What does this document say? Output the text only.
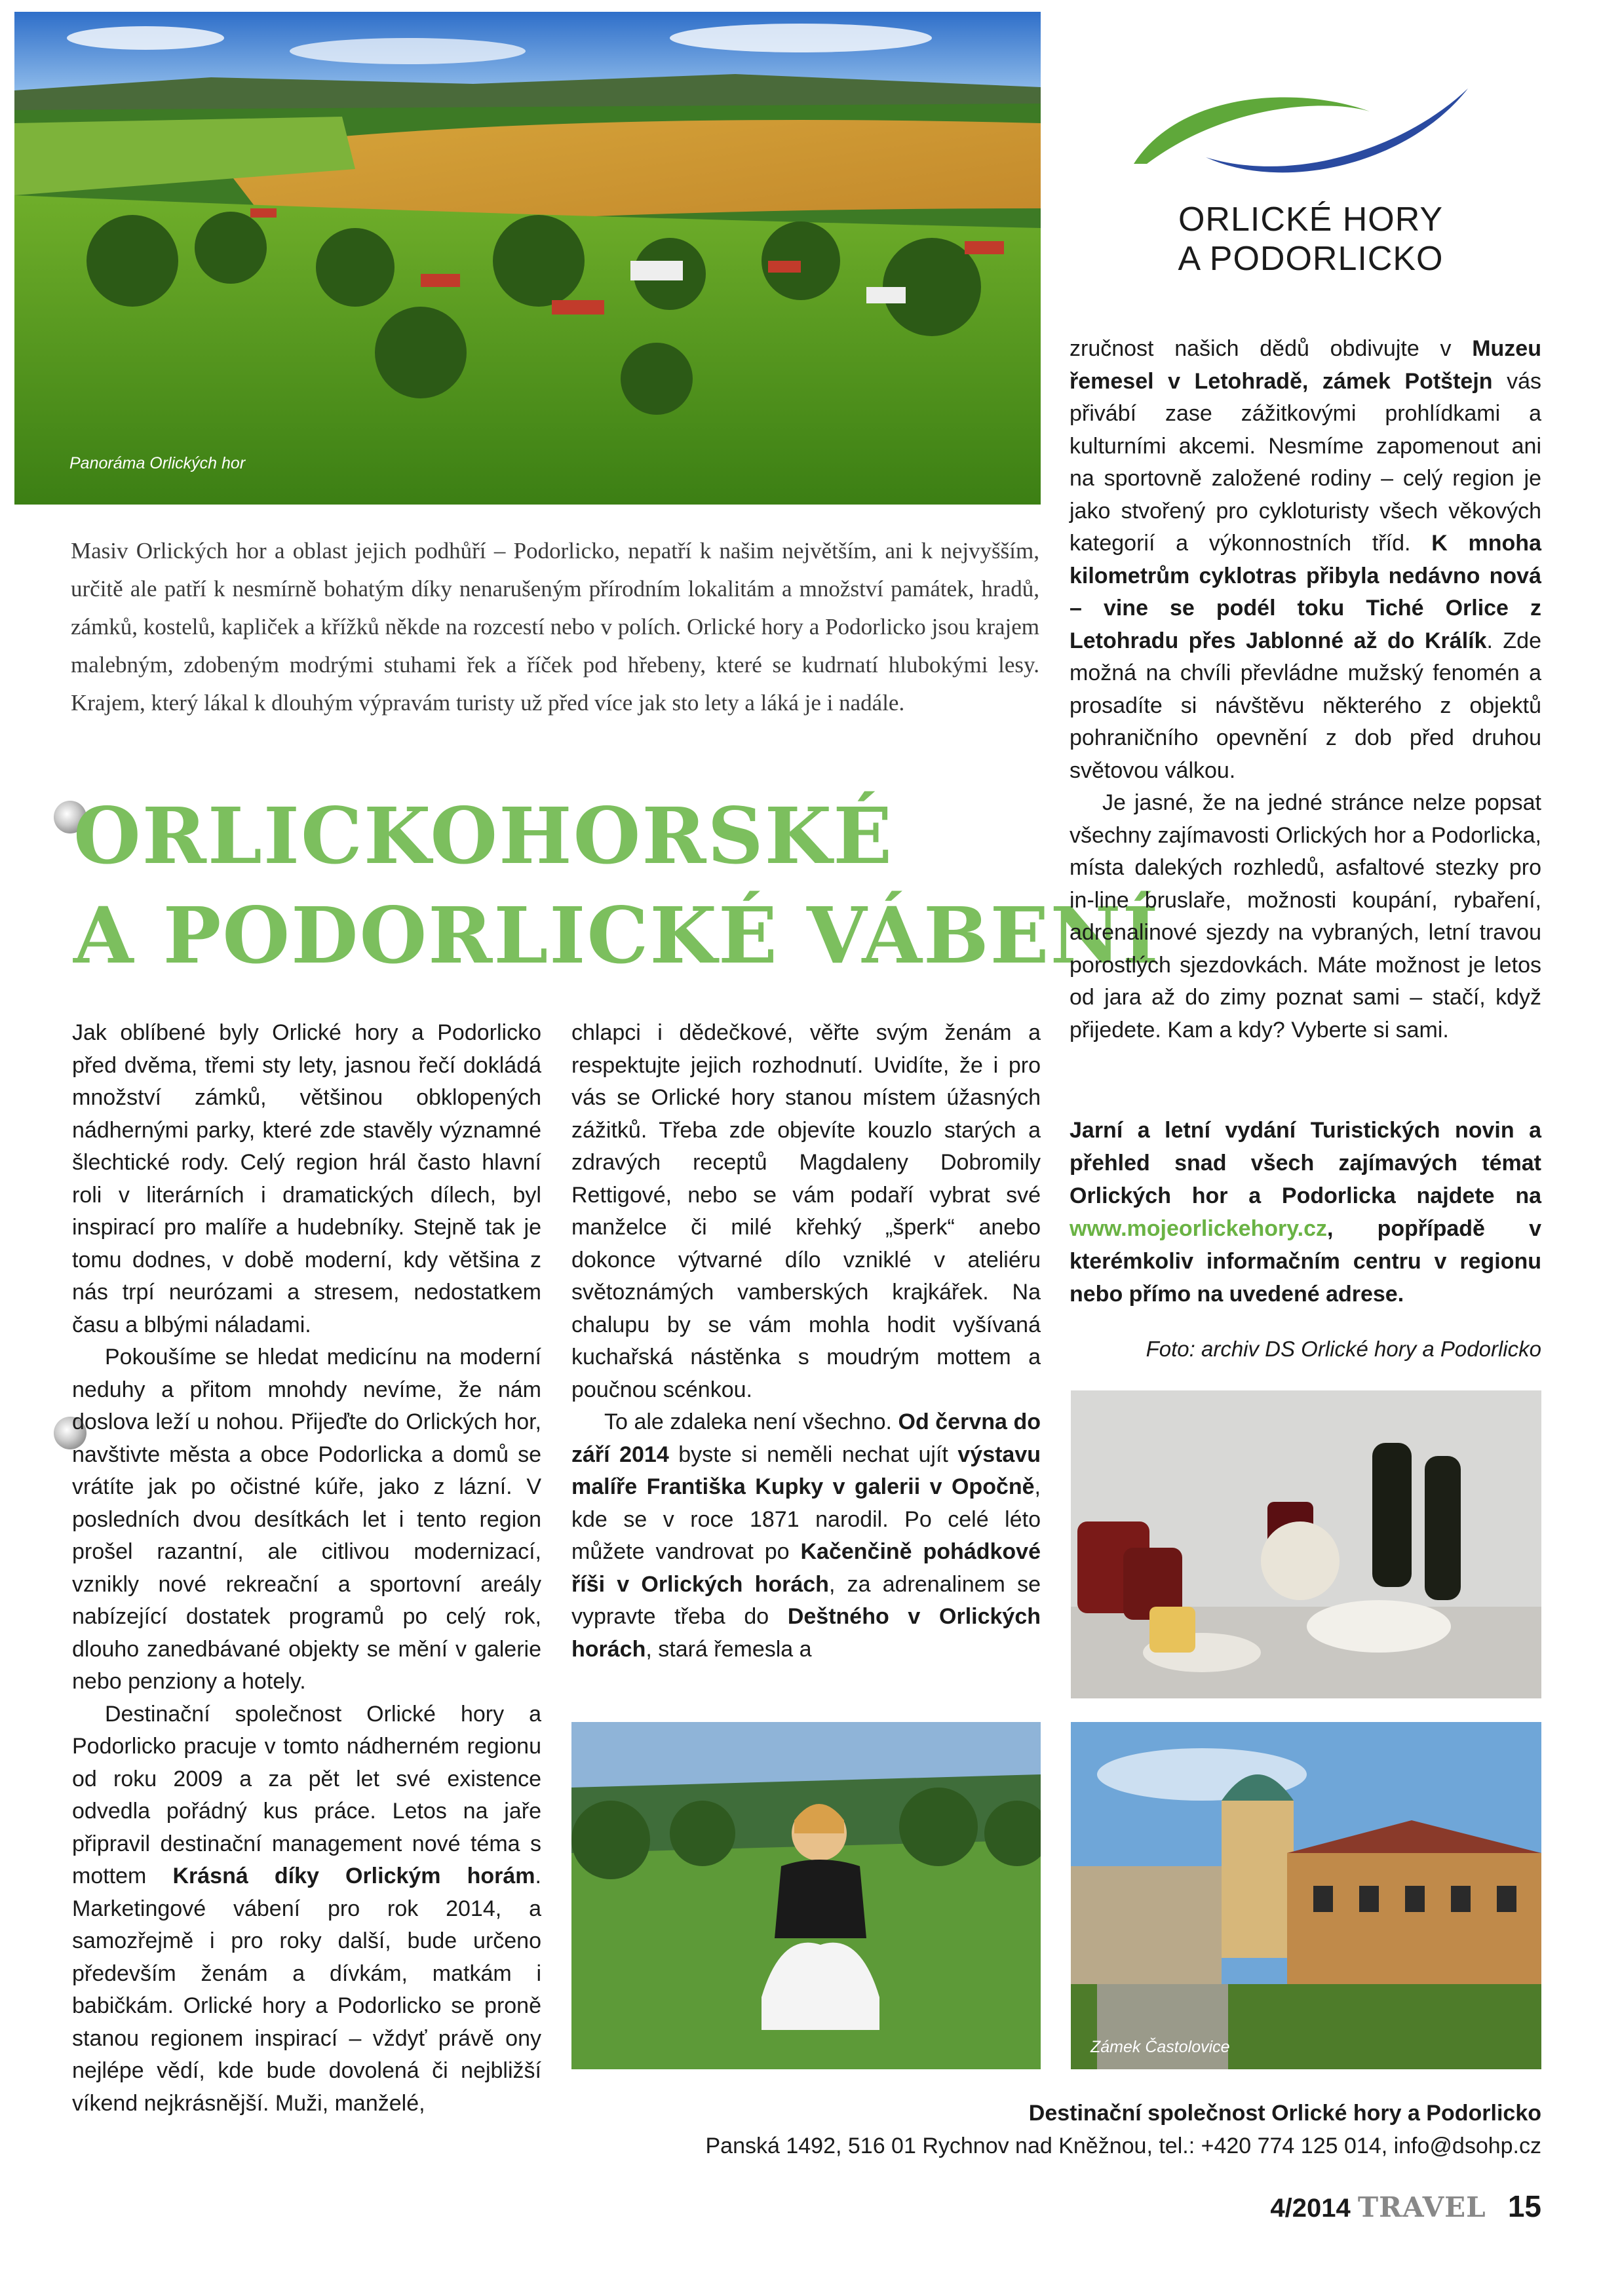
Panoráma Orlických hor
ORLICKÉ HORY
A PODORLICKO

Masiv Orlických hor a oblast jejich podhůří – Podorlicko, nepatří k našim největším, ani k nejvyšším, určitě ale patří k nesmírně bohatým díky nenarušeným přírodním lokalitám a množství památek, hradů, zámků, kostelů, kapliček a křížků někde na rozcestí nebo v polích. Orlické hory a Podorlicko jsou krajem malebným, zdobeným modrými stuhami řek a říček pod hřebeny, které se kudrnatí hlubokými lesy. Krajem, který lákal k dlouhým výpravám turisty už před více jak sto lety a láká je i nadále.

ORLICKOHORSKÉ
A PODORLICKÉ VÁBENÍ

Jak oblíbené byly Orlické hory a Podorlicko před dvěma, třemi sty lety, jasnou řečí dokládá množství zámků, většinou obklopených nádhernými parky, které zde stavěly významné šlechtické rody. Celý region hrál často hlavní roli v literárních i dramatických dílech, byl inspirací pro malíře a hudebníky. Stejně tak je tomu dodnes, v době moderní, kdy většina z nás trpí neurózami a stresem, nedostatkem času a blbými náladami.

Pokoušíme se hledat medicínu na moderní neduhy a přitom mnohdy nevíme, že nám doslova leží u nohou. Přijeďte do Orlických hor, navštivte města a obce Podorlicka a domů se vrátíte jak po očistné kúře, jako z lázní. V posledních dvou desítkách let i tento region prošel razantní, ale citlivou modernizací, vznikly nové rekreační a sportovní areály nabízející dostatek programů po celý rok, dlouho zanedbávané objekty se mění v galerie nebo penziony a hotely.

Destinační společnost Orlické hory a Podorlicko pracuje v tomto nádherném regionu od roku 2009 a za pět let své existence odvedla pořádný kus práce. Letos na jaře připravil destinační management nové téma s mottem Krásná díky Orlickým horám. Marketingové vábení pro rok 2014, a samozřejmě i pro roky další, bude určeno především ženám a dívkám, matkám i babičkám. Orlické hory a Podorlicko se proně stanou regionem inspirací – vždyť právě ony nejlépe vědí, kde bude dovolená či nejbližší víkend nejkrásnější. Muži, manželé,

chlapci i dědečkové, věřte svým ženám a respektujte jejich rozhodnutí. Uvidíte, že i pro vás se Orlické hory stanou místem úžasných zážitků. Třeba zde objevíte kouzlo starých a zdravých receptů Magdaleny Dobromily Rettigové, nebo se vám podaří vybrat své manželce či milé křehký „šperk“ anebo dokonce výtvarné dílo vzniklé v ateliéru světoznámých vamberských krajkářek. Na chalupu by se vám mohla hodit vyšívaná kuchařská nástěnka s moudrým mottem a poučnou scénkou.

To ale zdaleka není všechno. Od června do září 2014 byste si neměli nechat ujít výstavu malíře Františka Kupky v galerii v Opočně, kde se v roce 1871 narodil. Po celé léto můžete vandrovat po Kačenčině pohádkové říši v Orlických horách, za adrenalinem se vypravte třeba do Deštného v Orlických horách, stará řemesla a

zručnost našich dědů obdivujte v Muzeu řemesel v Letohradě, zámek Potštejn vás přivábí zase zážitkovými prohlídkami a kulturními akcemi. Nesmíme zapomenout ani na sportovně založené rodiny – celý region je jako stvořený pro cykloturisty všech věkových kategorií a výkonnostních tříd. K mnoha kilometrům cyklotras přibyla nedávno nová – vine se podél toku Tiché Orlice z Letohradu přes Jablonné až do Králík. Zde možná na chvíli převládne mužský fenomén a prosadíte si návštěvu některého z objektů pohraničního opevnění z dob před druhou světovou válkou.

Je jasné, že na jedné stránce nelze popsat všechny zajímavosti Orlických hor a Podorlicka, místa dalekých rozhledů, asfaltové stezky pro in-line bruslaře, možnosti koupání, rybaření, adrenalinové sjezdy na vybraných, letní travou porostlých sjezdovkách. Máte možnost je letos od jara až do zimy poznat sami – stačí, když přijedete. Kam a kdy? Vyberte si sami.

Jarní a letní vydání Turistických novin a přehled snad všech zajímavých témat Orlických hor a Podorlicka najdete na www.mojeorlickehory.cz, popřípadě v kterémkoliv informačním centru v regionu nebo přímo na uvedené adrese.
Foto: archiv DS Orlické hory a Podorlicko
Zámek Častolovice
Destinační společnost Orlické hory a Podorlicko
Panská 1492, 516 01 Rychnov nad Kněžnou, tel.: +420 774 125 014, info@dsohp.cz
4/2014 TRAVEL 15
